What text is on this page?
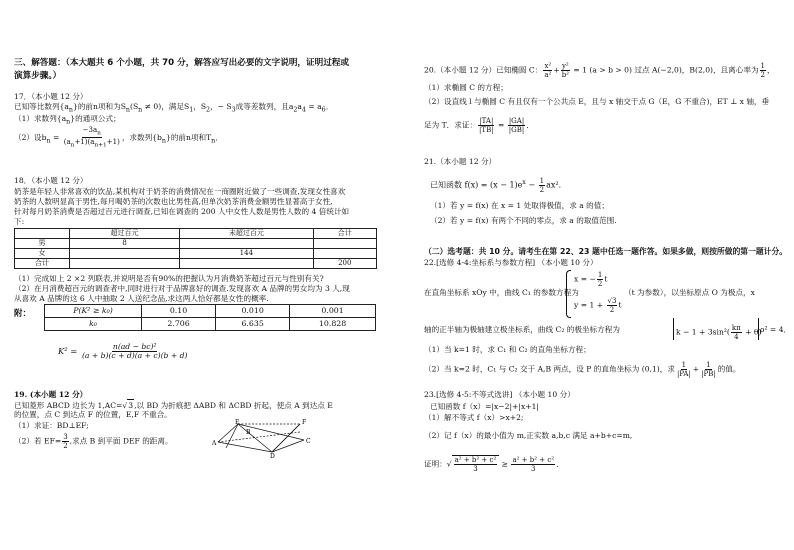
三、解答题：（本大题共 6 个小题，共 70 分，解答应写出必要的文字说明，证明过程或
演算步骤。）
17．（本小题 12 分）
已知等比数列$\{a_n\}$的前n项和为$S_n(S_n \ne 0)$，满足$S_1$，$S_2$，− $S_3$成等差数列，且$a_2a_4 = a_6$．
（1）求数列$\{a_n\}$的通项公式；
（2）设$b_n = \frac{-3a_n}{(a_n+1)(a_{n+1}+1)}$ ，求数列$\{b_n\}$的前n项和$T_n$．
18．（本小题 12 分）
奶茶是年轻人非常喜欢的饮品,某机构对于奶茶的消费情况在一商圈附近做了一些调查,发现女性喜欢
奶茶的人数明显高于男性,每月喝奶茶的次数也比男性高,但单次奶茶消费金额男性显著高于女性,
针对每月奶茶消费是否超过百元进行调查,已知在调查的 200 人中女性人数是男性人数的 4 倍统计如
下:
	超过百元	未超过百元	合计
男	8		
女		144	
合计			200
（1）完成如上 2 ×2 列联表,并说明是否有90%的把握认为月消费奶茶超过百元与性别有关?
（2）在月消费超百元的调查者中,同时进行对于品牌喜好的调查.发现喜欢 A 品牌的男女均为 3 人,现
从喜欢 A 品牌的这 6 人中抽取 2 人送纪念品,求这两人恰好都是女性的概率.
附：	P(K² ≥ k₀)	0.10	0.010	0.001
k₀	2.706	6.635	10.828
$K^2 = \frac{\text{n(ad − bc)²}}{(a + b)(c + d)(a + c)(b + d)}$
19. (本小题 12 分）
已知菱形 ABCD 边长为 1,AC=√3,以 BD 为折痕把 ΔABD 和 ΔCBD 折起，使点 A 到达点 E
的位置，点 C 到达点 F 的位置，E,F 不重合。
（1）求证：BD⊥EF;
（2）若 $EF= \frac{3}{2}$ ,求点 B 到平面 DEF 的距离。	A
E	F
C
D
B
20.（本小题 12 分）已知椭圆 C： $\frac{\text{x²}}{\text{a²}} + \frac{\text{y²}}{\text{b²}} = 1$ (a > b > 0) 过点 A(−2,0)，B(2,0)，且离心率为 $\frac{1}{2}$ ，
（1）求椭圆 C 的方程；
（2）设直线 l 与椭圆 C 有且仅有一个公共点 E，且与 x 轴交于点 G（E，G 不重合)，ET ⊥ x 轴，垂
足为 T．求证： $\frac{|TA|}{|TB|} = \frac{|GA|}{|GB|}$ ．
21.（本小题 12 分）
已知函数 $f(x) = (x - 1)e^x - \frac{1}{2} ax^2$．
（1）若 y = f(x) 在 x = 1 处取得极值，求 a 的值；
（2）若 y = f(x) 有两个不同的零点，求 a 的取值范围.
（二）选考题：共 10 分。请考生在第 22、23 题中任选一题作答。如果多做，则按所做的第一题计分。
22.[选修 4-4:坐标系与参数方程] （本小题 10 分）
在直角坐标系 xOy 中，曲线 C₁ 的参数方程为
x = − $\frac{1}{2}$ t
$y = 1 + \frac{√3}{2}$ t
（t 为参数），以坐标原点 O 为极点，x
轴的正半轴为极轴建立极坐标系，曲线 C₂ 的极坐标方程为	$k - 1 + 3\sin^2( \frac{k\pi}{4} + \theta)$
ρ² = 4．
（1）当 k=1 时，求 C₁ 和 C₂ 的直角坐标方程；
（2）当 k=2 时，C₁ 与 C₂ 交于 A,B 两点，设 P 的直角坐标为 (0,1)，求 $\frac{1}{|PA|} + \frac{1}{|PB|}$ 的值。
23.[选修 4-5:不等式选讲] （本小题 10 分）
已知函数 f（x）=|x−2|+|x+1|
（1）解不等式 f（x）>x+2;
（2）记 f（x）的最小值为 m,正实数 a,b,c 满足 a+b+c=m,
证明：√ $\frac{\text{a² + b² + c²}}{3} \ge \frac{\text{a² + b² + c²}}{3}$ ．
